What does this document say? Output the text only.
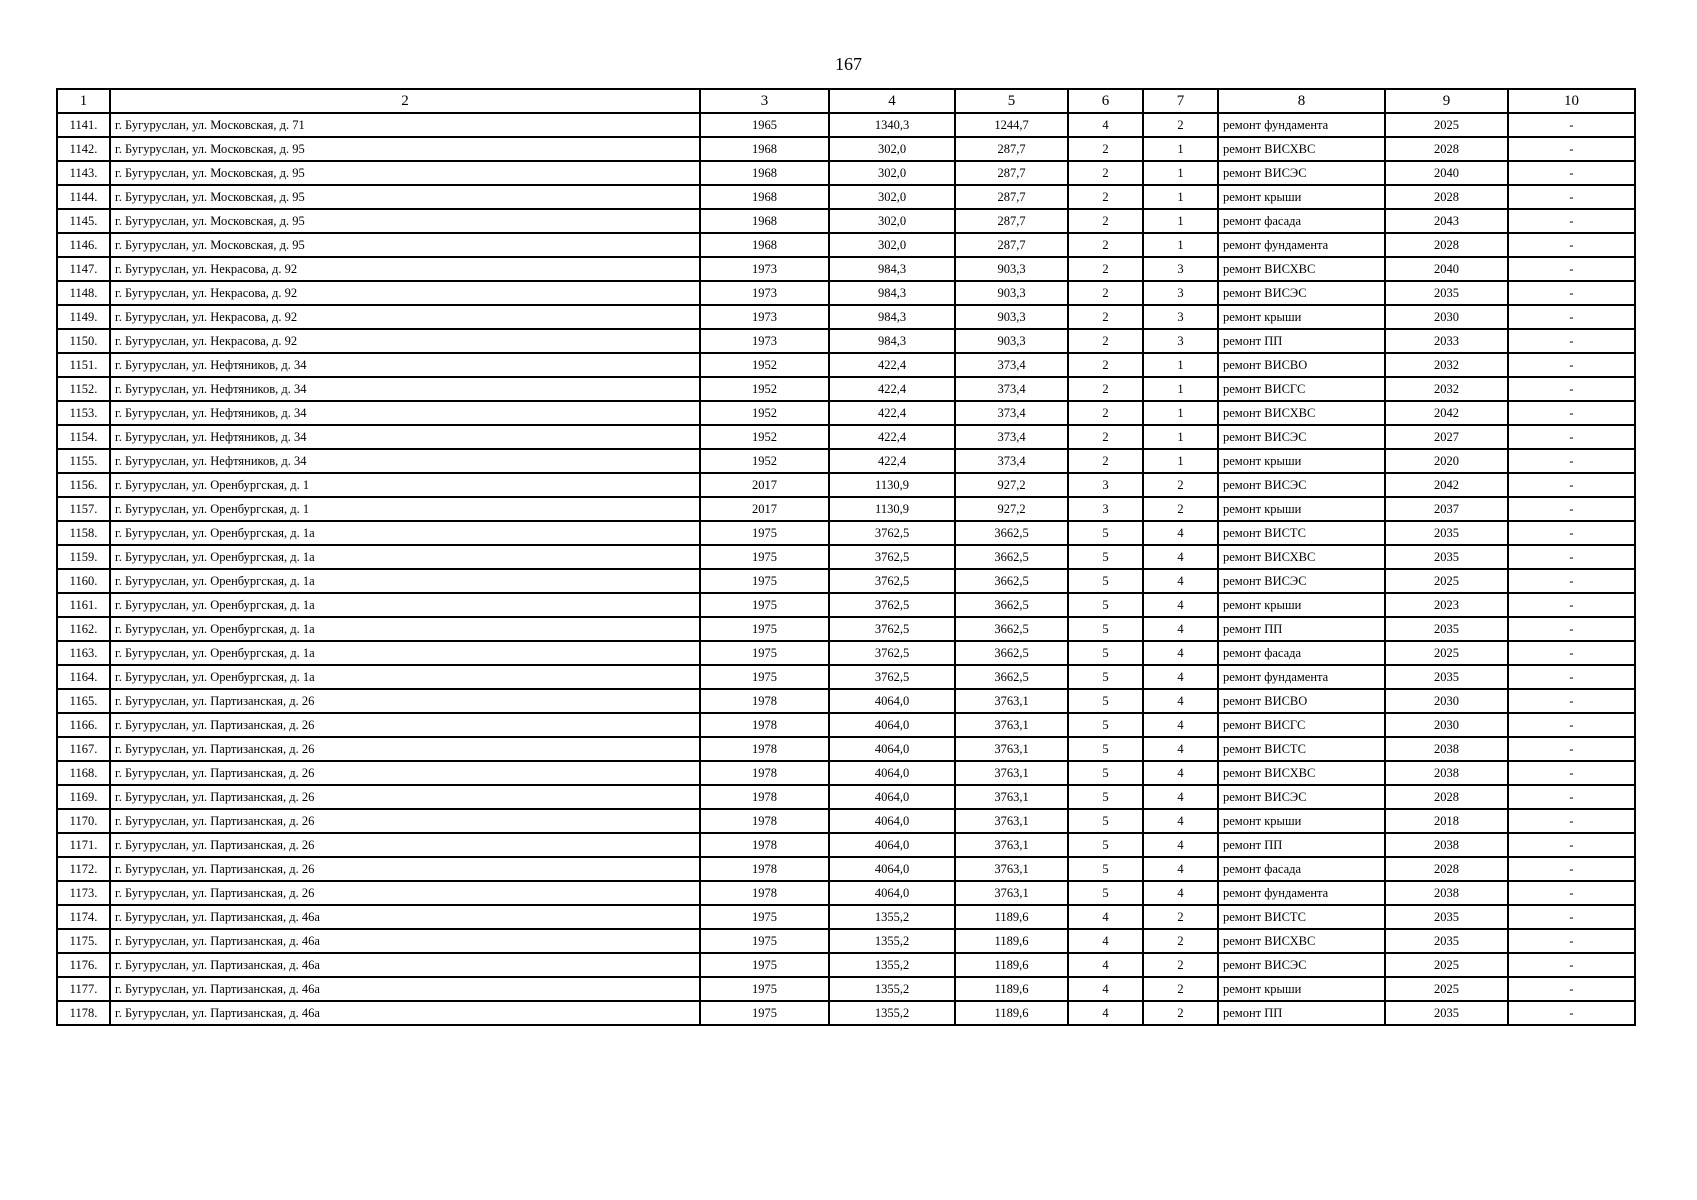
167
1	2	3	4	5	6	7	8	9	10
1141.	г. Бугуруслан, ул. Московская, д. 71	1965	1340,3	1244,7	4	2	ремонт фундамента	2025	-
1142.	г. Бугуруслан, ул. Московская, д. 95	1968	302,0	287,7	2	1	ремонт ВИСХВС	2028	-
1143.	г. Бугуруслан, ул. Московская, д. 95	1968	302,0	287,7	2	1	ремонт ВИСЭС	2040	-
1144.	г. Бугуруслан, ул. Московская, д. 95	1968	302,0	287,7	2	1	ремонт крыши	2028	-
1145.	г. Бугуруслан, ул. Московская, д. 95	1968	302,0	287,7	2	1	ремонт фасада	2043	-
1146.	г. Бугуруслан, ул. Московская, д. 95	1968	302,0	287,7	2	1	ремонт фундамента	2028	-
1147.	г. Бугуруслан, ул. Некрасова, д. 92	1973	984,3	903,3	2	3	ремонт ВИСХВС	2040	-
1148.	г. Бугуруслан, ул. Некрасова, д. 92	1973	984,3	903,3	2	3	ремонт ВИСЭС	2035	-
1149.	г. Бугуруслан, ул. Некрасова, д. 92	1973	984,3	903,3	2	3	ремонт крыши	2030	-
1150.	г. Бугуруслан, ул. Некрасова, д. 92	1973	984,3	903,3	2	3	ремонт ПП	2033	-
1151.	г. Бугуруслан, ул. Нефтяников, д. 34	1952	422,4	373,4	2	1	ремонт ВИСВО	2032	-
1152.	г. Бугуруслан, ул. Нефтяников, д. 34	1952	422,4	373,4	2	1	ремонт ВИСГС	2032	-
1153.	г. Бугуруслан, ул. Нефтяников, д. 34	1952	422,4	373,4	2	1	ремонт ВИСХВС	2042	-
1154.	г. Бугуруслан, ул. Нефтяников, д. 34	1952	422,4	373,4	2	1	ремонт ВИСЭС	2027	-
1155.	г. Бугуруслан, ул. Нефтяников, д. 34	1952	422,4	373,4	2	1	ремонт крыши	2020	-
1156.	г. Бугуруслан, ул. Оренбургская, д. 1	2017	1130,9	927,2	3	2	ремонт ВИСЭС	2042	-
1157.	г. Бугуруслан, ул. Оренбургская, д. 1	2017	1130,9	927,2	3	2	ремонт крыши	2037	-
1158.	г. Бугуруслан, ул. Оренбургская, д. 1а	1975	3762,5	3662,5	5	4	ремонт ВИСТС	2035	-
1159.	г. Бугуруслан, ул. Оренбургская, д. 1а	1975	3762,5	3662,5	5	4	ремонт ВИСХВС	2035	-
1160.	г. Бугуруслан, ул. Оренбургская, д. 1а	1975	3762,5	3662,5	5	4	ремонт ВИСЭС	2025	-
1161.	г. Бугуруслан, ул. Оренбургская, д. 1а	1975	3762,5	3662,5	5	4	ремонт крыши	2023	-
1162.	г. Бугуруслан, ул. Оренбургская, д. 1а	1975	3762,5	3662,5	5	4	ремонт ПП	2035	-
1163.	г. Бугуруслан, ул. Оренбургская, д. 1а	1975	3762,5	3662,5	5	4	ремонт фасада	2025	-
1164.	г. Бугуруслан, ул. Оренбургская, д. 1а	1975	3762,5	3662,5	5	4	ремонт фундамента	2035	-
1165.	г. Бугуруслан, ул. Партизанская, д. 26	1978	4064,0	3763,1	5	4	ремонт ВИСВО	2030	-
1166.	г. Бугуруслан, ул. Партизанская, д. 26	1978	4064,0	3763,1	5	4	ремонт ВИСГС	2030	-
1167.	г. Бугуруслан, ул. Партизанская, д. 26	1978	4064,0	3763,1	5	4	ремонт ВИСТС	2038	-
1168.	г. Бугуруслан, ул. Партизанская, д. 26	1978	4064,0	3763,1	5	4	ремонт ВИСХВС	2038	-
1169.	г. Бугуруслан, ул. Партизанская, д. 26	1978	4064,0	3763,1	5	4	ремонт ВИСЭС	2028	-
1170.	г. Бугуруслан, ул. Партизанская, д. 26	1978	4064,0	3763,1	5	4	ремонт крыши	2018	-
1171.	г. Бугуруслан, ул. Партизанская, д. 26	1978	4064,0	3763,1	5	4	ремонт ПП	2038	-
1172.	г. Бугуруслан, ул. Партизанская, д. 26	1978	4064,0	3763,1	5	4	ремонт фасада	2028	-
1173.	г. Бугуруслан, ул. Партизанская, д. 26	1978	4064,0	3763,1	5	4	ремонт фундамента	2038	-
1174.	г. Бугуруслан, ул. Партизанская, д. 46а	1975	1355,2	1189,6	4	2	ремонт ВИСТС	2035	-
1175.	г. Бугуруслан, ул. Партизанская, д. 46а	1975	1355,2	1189,6	4	2	ремонт ВИСХВС	2035	-
1176.	г. Бугуруслан, ул. Партизанская, д. 46а	1975	1355,2	1189,6	4	2	ремонт ВИСЭС	2025	-
1177.	г. Бугуруслан, ул. Партизанская, д. 46а	1975	1355,2	1189,6	4	2	ремонт крыши	2025	-
1178.	г. Бугуруслан, ул. Партизанская, д. 46а	1975	1355,2	1189,6	4	2	ремонт ПП	2035	-
